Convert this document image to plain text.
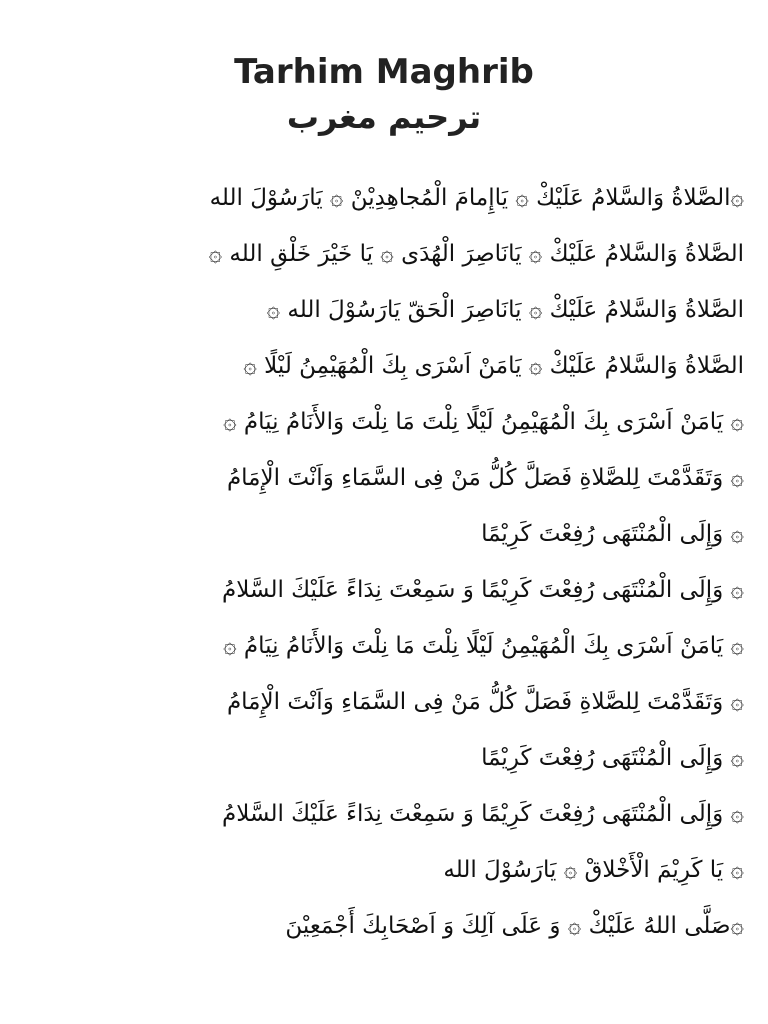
Tarhim Maghrib
ترحيم مغرب
۞الصَّلاةُ وَالسَّلامُ عَلَيْكْ ۞ يَاإِمامَ الْمُجاهِدِيْنْ ۞ يَارَسُوْلَ الله
الصَّلاةُ وَالسَّلامُ عَلَيْكْ ۞ يَانَاصِرَ الْهُدَى ۞ يَا خَيْرَ خَلْقِ الله ۞
الصَّلاةُ وَالسَّلامُ عَلَيْكْ ۞ يَانَاصِرَ الْحَقّ يَارَسُوْلَ الله ۞
الصَّلاةُ وَالسَّلامُ عَلَيْكْ ۞ يَامَنْ اَسْرَى بِكَ الْمُهَيْمِنُ لَيْلًا ۞
۞ يَامَنْ اَسْرَى بِكَ الْمُهَيْمِنُ لَيْلًا نِلْتَ مَا نِلْتَ وَالأَنَامُ نِيَامُ ۞
۞ وَتَقَدَّمْتَ لِلصَّلاةِ فَصَلَّ كُلُّ مَنْ فِى السَّمَاءِ وَاَنْتَ الْإِمَامُ
۞ وَإِلَى الْمُنْتَهَى رُفِعْتَ كَرِيْمًا
۞ وَإِلَى الْمُنْتَهَى رُفِعْتَ كَرِيْمًا وَ سَمِعْتَ نِدَاءً عَلَيْكَ السَّلامُ
۞ يَامَنْ اَسْرَى بِكَ الْمُهَيْمِنُ لَيْلًا نِلْتَ مَا نِلْتَ وَالأَنَامُ نِيَامُ ۞
۞ وَتَقَدَّمْتَ لِلصَّلاةِ فَصَلَّ كُلُّ مَنْ فِى السَّمَاءِ وَاَنْتَ الْإِمَامُ
۞ وَإِلَى الْمُنْتَهَى رُفِعْتَ كَرِيْمًا
۞ وَإِلَى الْمُنْتَهَى رُفِعْتَ كَرِيْمًا وَ سَمِعْتَ نِدَاءً عَلَيْكَ السَّلامُ
۞ يَا كَرِيْمَ الْأَخْلاقْ ۞ يَارَسُوْلَ الله
۞صَلَّى اللهُ عَلَيْكْ ۞ وَ عَلَى آلِكَ وَ اَصْحَابِكَ أَجْمَعِيْنَ
